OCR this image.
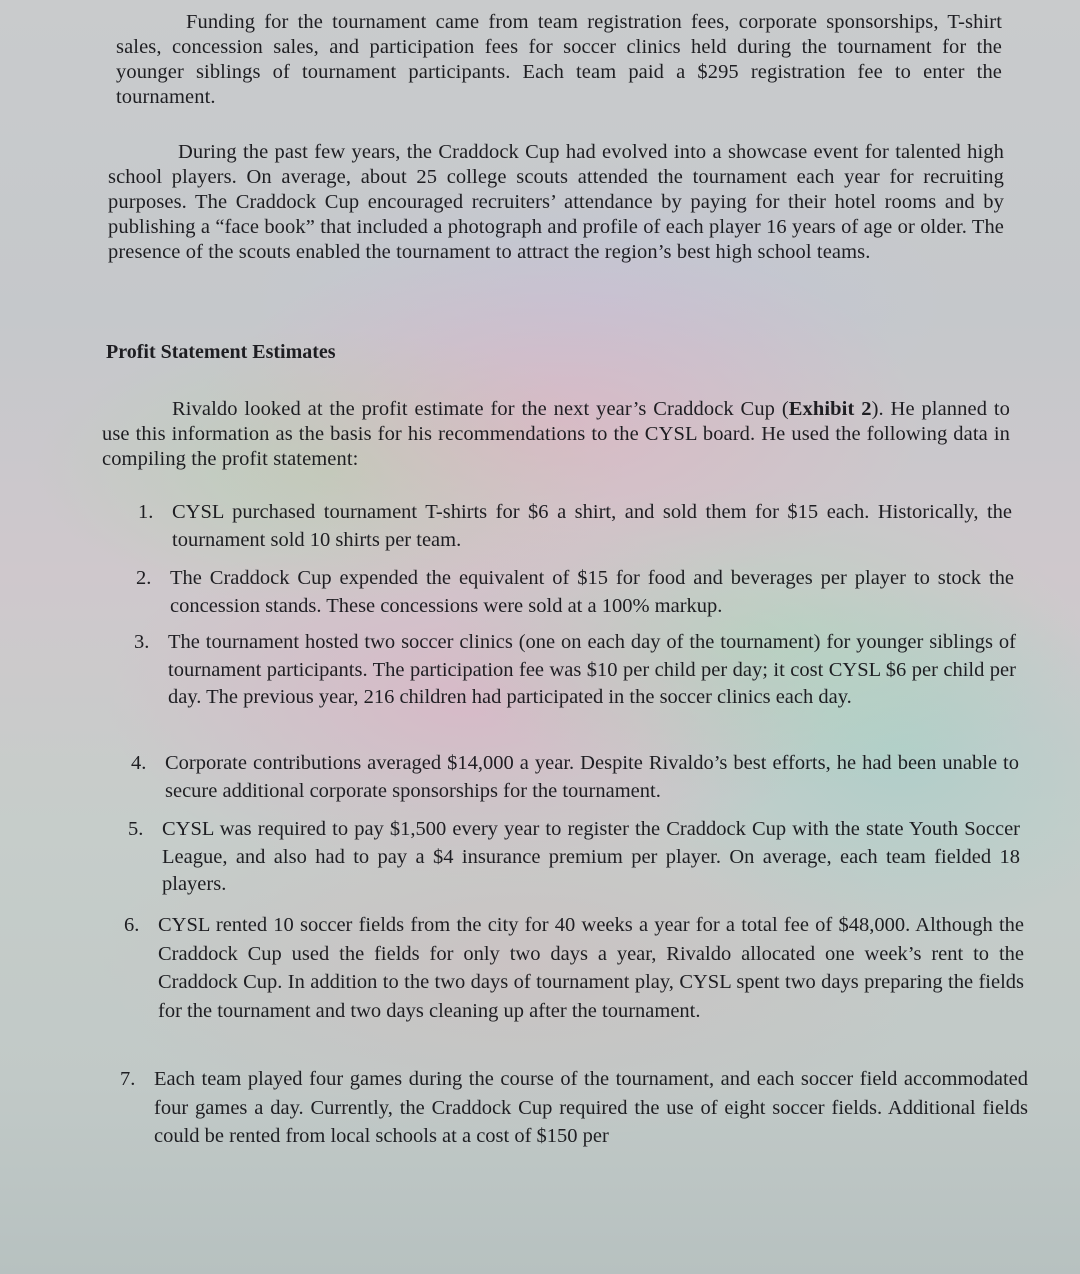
Funding for the tournament came from team registration fees, corporate sponsorships, T-shirt sales, concession sales, and participation fees for soccer clinics held during the tournament for the younger siblings of tournament participants. Each team paid a $295 registration fee to enter the tournament.

During the past few years, the Craddock Cup had evolved into a showcase event for talented high school players. On average, about 25 college scouts attended the tournament each year for recruiting purposes. The Craddock Cup encouraged recruiters’ attendance by paying for their hotel rooms and by publishing a “face book” that included a photograph and profile of each player 16 years of age or older. The presence of the scouts enabled the tournament to attract the region’s best high school teams.

Profit Statement Estimates

Rivaldo looked at the profit estimate for the next year’s Craddock Cup (Exhibit 2). He planned to use this information as the basis for his recommendations to the CYSL board. He used the following data in compiling the profit statement:

1. CYSL purchased tournament T-shirts for $6 a shirt, and sold them for $15 each. Historically, the tournament sold 10 shirts per team.
2. The Craddock Cup expended the equivalent of $15 for food and beverages per player to stock the concession stands. These concessions were sold at a 100% markup.
3. The tournament hosted two soccer clinics (one on each day of the tournament) for younger siblings of tournament participants. The participation fee was $10 per child per day; it cost CYSL $6 per child per day. The previous year, 216 children had participated in the soccer clinics each day.
4. Corporate contributions averaged $14,000 a year. Despite Rivaldo’s best efforts, he had been unable to secure additional corporate sponsorships for the tournament.
5. CYSL was required to pay $1,500 every year to register the Craddock Cup with the state Youth Soccer League, and also had to pay a $4 insurance premium per player. On average, each team fielded 18 players.
6. CYSL rented 10 soccer fields from the city for 40 weeks a year for a total fee of $48,000. Although the Craddock Cup used the fields for only two days a year, Rivaldo allocated one week’s rent to the Craddock Cup. In addition to the two days of tournament play, CYSL spent two days preparing the fields for the tournament and two days cleaning up after the tournament.
7. Each team played four games during the course of the tournament, and each soccer field accommodated four games a day. Currently, the Craddock Cup required the use of eight soccer fields. Additional fields could be rented from local schools at a cost of $150 per
